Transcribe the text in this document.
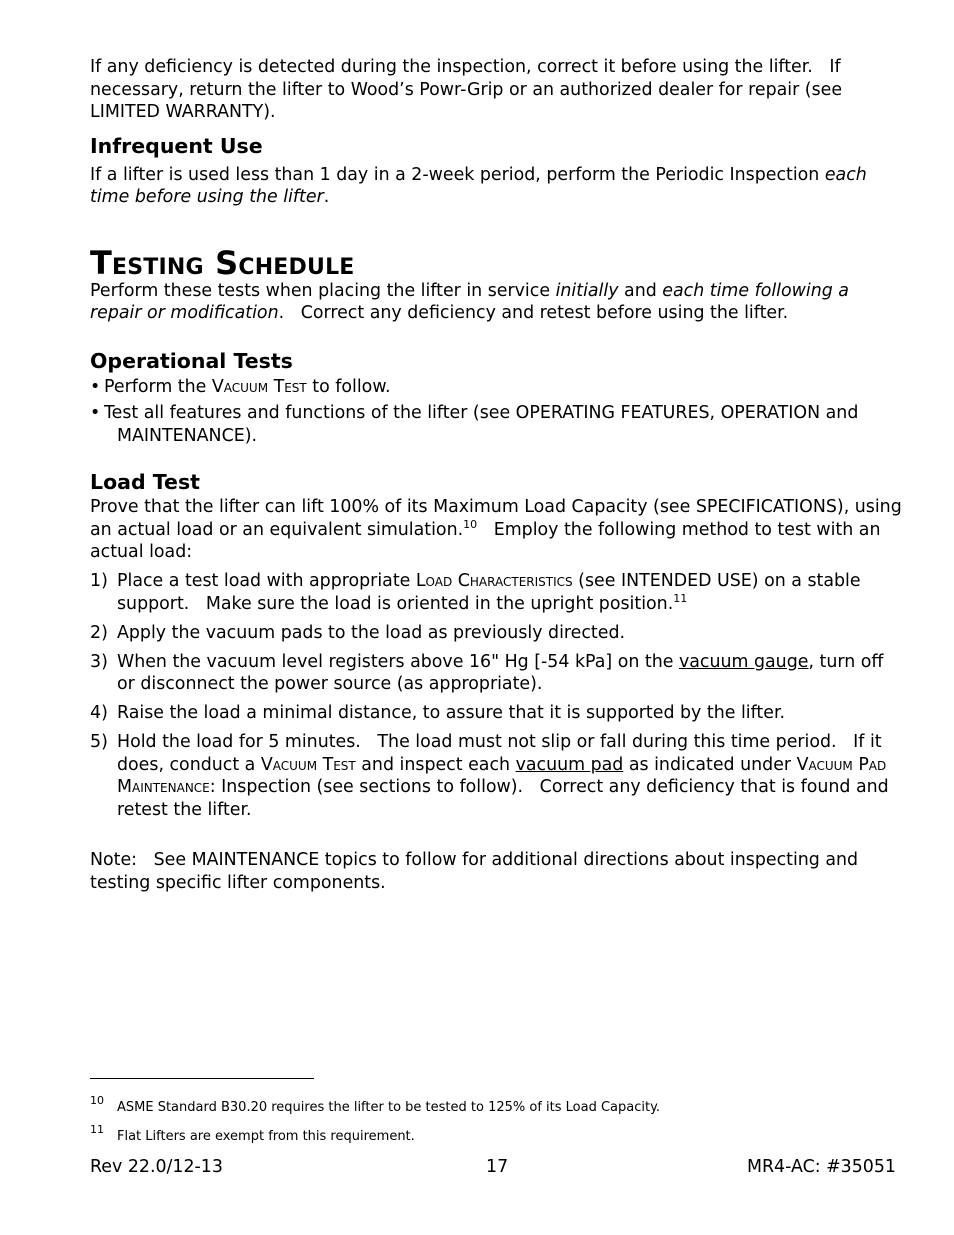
If any deficiency is detected during the inspection, correct it before using the lifter.   If necessary, return the lifter to Wood’s Powr-Grip or an authorized dealer for repair (see LIMITED WARRANTY).

Infrequent Use

If a lifter is used less than 1 day in a 2-week period, perform the Periodic Inspection each time before using the lifter.

Testing Schedule

Perform these tests when placing the lifter in service initially and each time following a repair or modification.   Correct any deficiency and retest before using the lifter.

Operational Tests

• Perform the Vacuum Test to follow.
• Test all features and functions of the lifter (see OPERATING FEATURES, OPERATION and MAINTENANCE).

Load Test

Prove that the lifter can lift 100% of its Maximum Load Capacity (see SPECIFICATIONS), using an actual load or an equivalent simulation.$^{10}$   Employ the following method to test with an actual load:

1) Place a test load with appropriate Load Characteristics (see INTENDED USE) on a stable support.   Make sure the load is oriented in the upright position.$^{11}$
2) Apply the vacuum pads to the load as previously directed.
3) When the vacuum level registers above 16" Hg [-54 kPa] on the vacuum gauge, turn off or disconnect the power source (as appropriate).
4) Raise the load a minimal distance, to assure that it is supported by the lifter.
5) Hold the load for 5 minutes.   The load must not slip or fall during this time period.   If it does, conduct a Vacuum Test and inspect each vacuum pad as indicated under Vacuum Pad Maintenance: Inspection (see sections to follow).   Correct any deficiency that is found and retest the lifter.

Note:   See MAINTENANCE topics to follow for additional directions about inspecting and testing specific lifter components.

10 ASME Standard B30.20 requires the lifter to be tested to 125% of its Load Capacity.
11 Flat Lifters are exempt from this requirement.
Rev 22.0/12-13	17	MR4-AC: #35051
